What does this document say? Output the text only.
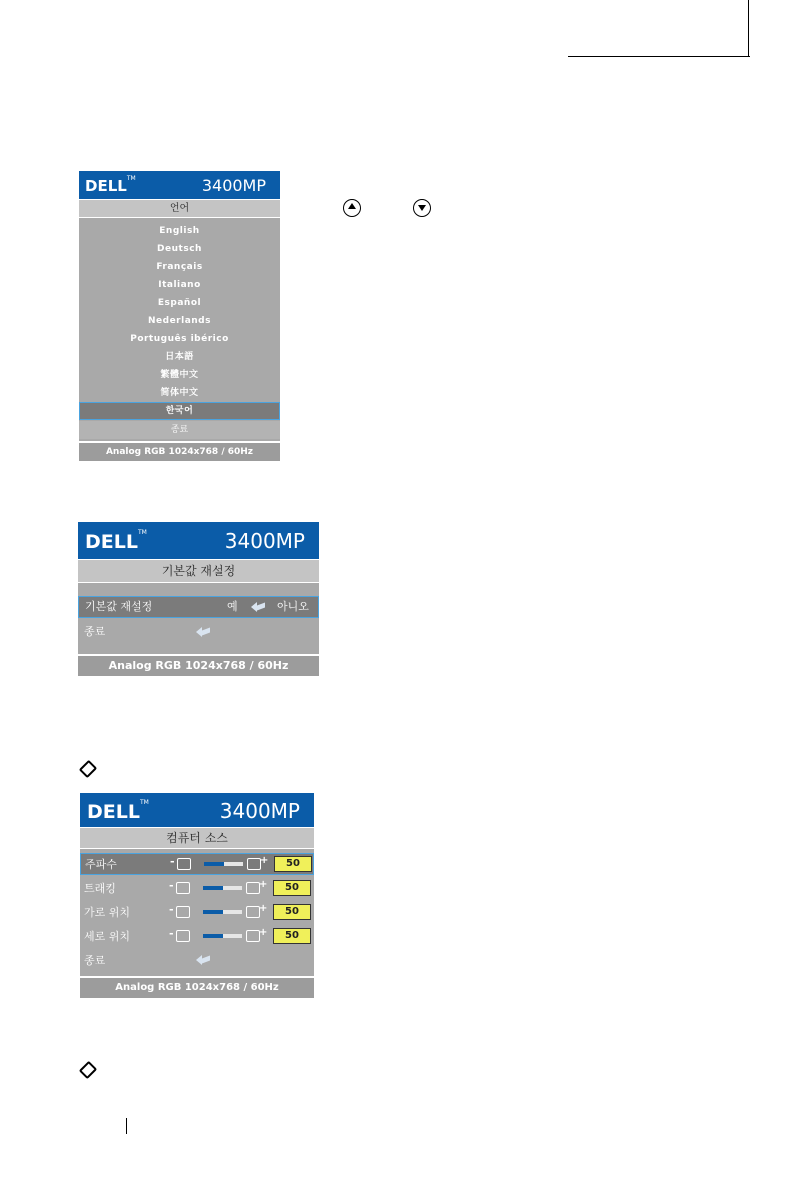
DELL™	3400MP
언어
English
Deutsch
Français
Italiano
Español
Nederlands
Português ibérico
日本語
繁體中文
简体中文
한국어
종료
Analog RGB 1024x768 / 60Hz
DELL™	3400MP
기본값 재설정
기본값 재설정	예	아니오
종료
Analog RGB 1024x768 / 60Hz
DELL™	3400MP
컴퓨터 소스
주파수 - +	50
트래킹 - +	50
가로 위치 - +	50
세로 위치 - +	50
종료
Analog RGB 1024x768 / 60Hz
